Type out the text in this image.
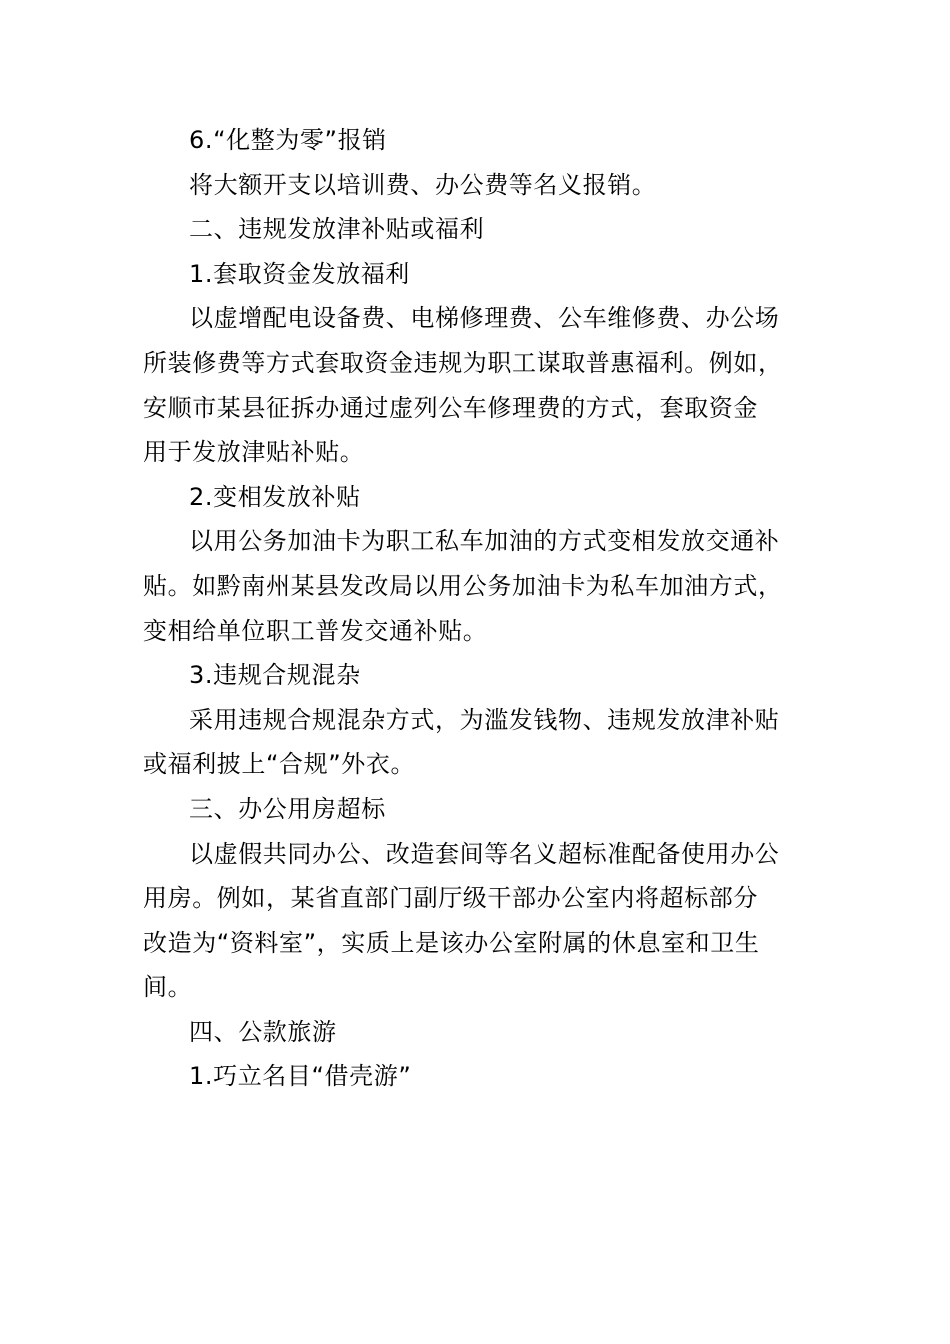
6.“化整为零”报销
将大额开支以培训费、办公费等名义报销。
二、违规发放津补贴或福利
1.套取资金发放福利
以虚增配电设备费、电梯修理费、公车维修费、办公场
所装修费等方式套取资金违规为职工谋取普惠福利。例如，
安顺市某县征拆办通过虚列公车修理费的方式，套取资金
用于发放津贴补贴。
2.变相发放补贴
以用公务加油卡为职工私车加油的方式变相发放交通补
贴。如黔南州某县发改局以用公务加油卡为私车加油方式，
变相给单位职工普发交通补贴。
3.违规合规混杂
采用违规合规混杂方式，为滥发钱物、违规发放津补贴
或福利披上“合规”外衣。
三、办公用房超标
以虚假共同办公、改造套间等名义超标准配备使用办公
用房。例如，某省直部门副厅级干部办公室内将超标部分
改造为“资料室”，实质上是该办公室附属的休息室和卫生
间。
四、公款旅游
1.巧立名目“借壳游”
